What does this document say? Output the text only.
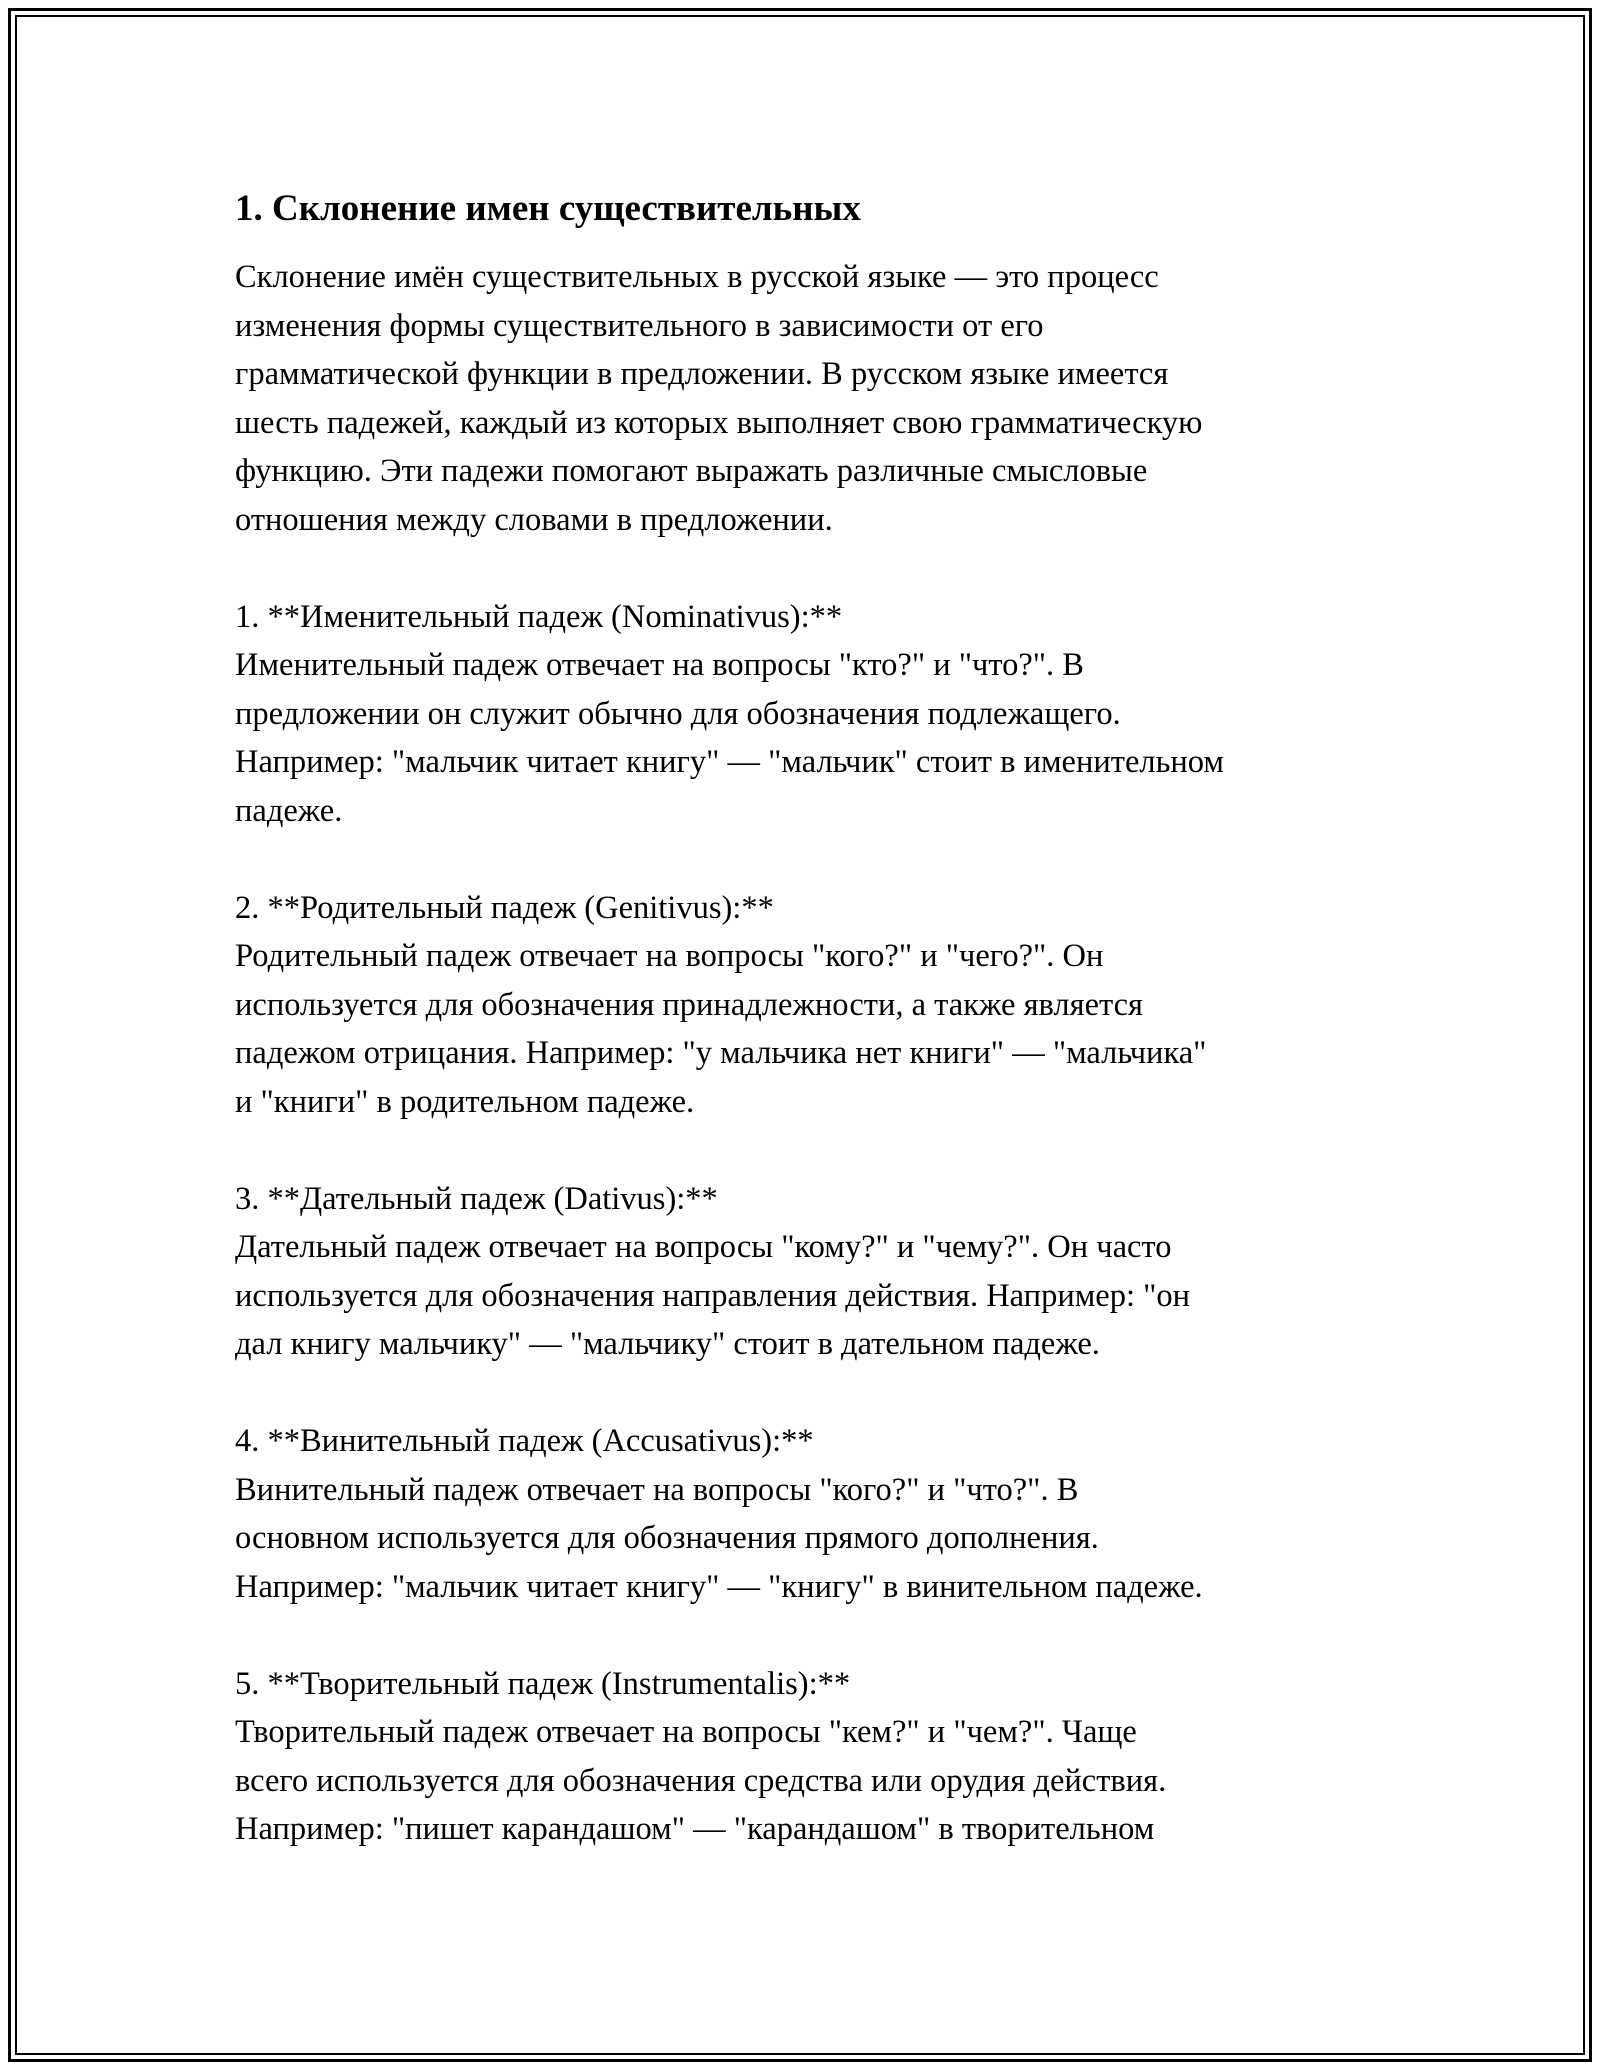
1. Склонение имен существительных

Склонение имён существительных в русской языке — это процесс
изменения формы существительного в зависимости от его
грамматической функции в предложении. В русском языке имеется
шесть падежей, каждый из которых выполняет свою грамматическую
функцию. Эти падежи помогают выражать различные смысловые
отношения между словами в предложении.

1. **Именительный падеж (Nominativus):**

Именительный падеж отвечает на вопросы "кто?" и "что?". В
предложении он служит обычно для обозначения подлежащего.
Например: "мальчик читает книгу" — "мальчик" стоит в именительном
падеже.

2. **Родительный падеж (Genitivus):**

Родительный падеж отвечает на вопросы "кого?" и "чего?". Он
используется для обозначения принадлежности, а также является
падежом отрицания. Например: "у мальчика нет книги" — "мальчика"
и "книги" в родительном падеже.

3. **Дательный падеж (Dativus):**

Дательный падеж отвечает на вопросы "кому?" и "чему?". Он часто
используется для обозначения направления действия. Например: "он
дал книгу мальчику" — "мальчику" стоит в дательном падеже.

4. **Винительный падеж (Accusativus):**

Винительный падеж отвечает на вопросы "кого?" и "что?". В
основном используется для обозначения прямого дополнения.
Например: "мальчик читает книгу" — "книгу" в винительном падеже.

5. **Творительный падеж (Instrumentalis):**

Творительный падеж отвечает на вопросы "кем?" и "чем?". Чаще
всего используется для обозначения средства или орудия действия.
Например: "пишет карандашом" — "карандашом" в творительном
